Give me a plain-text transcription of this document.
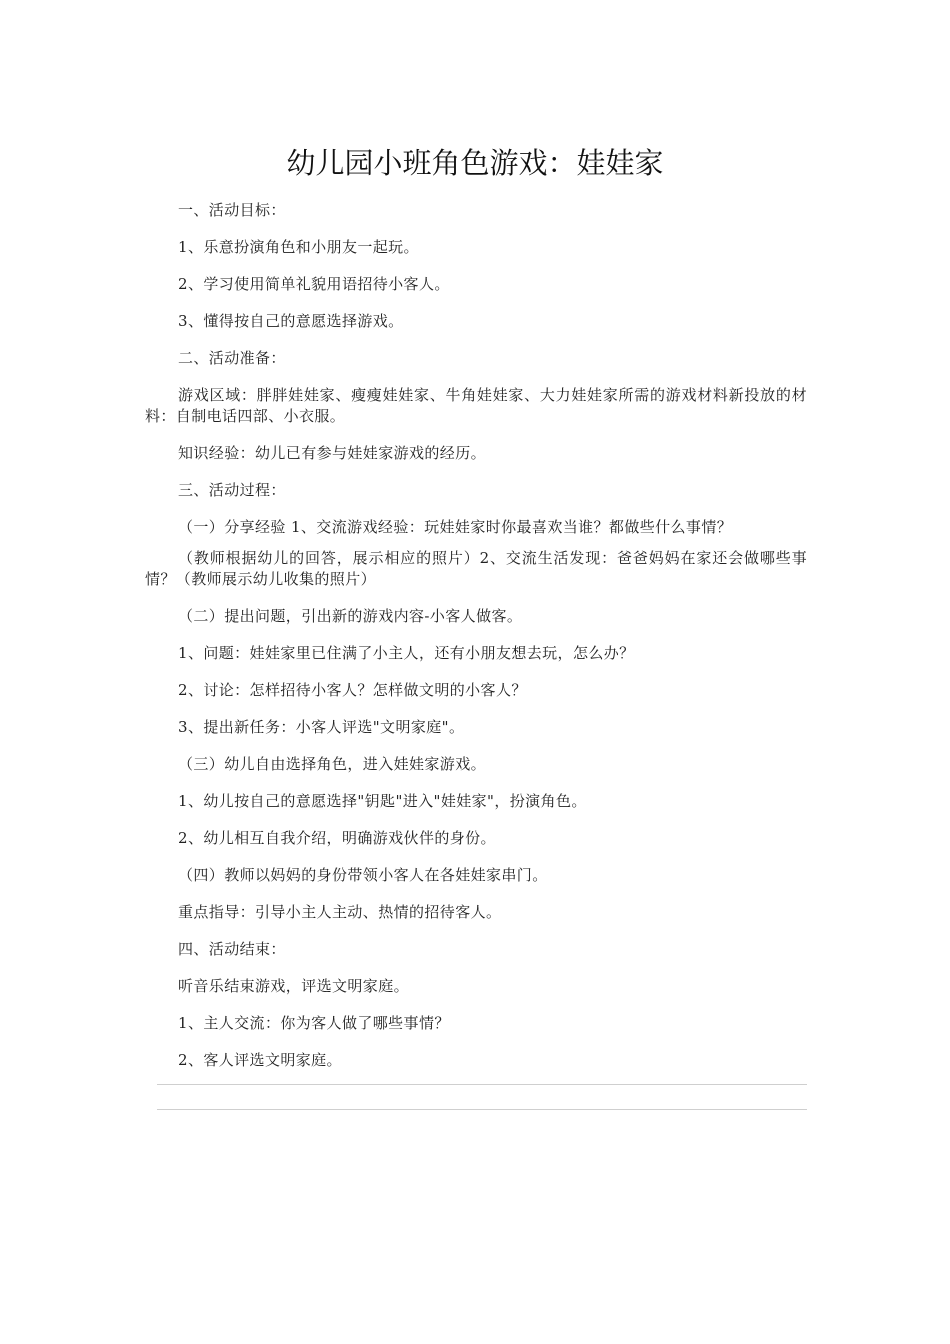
幼儿园小班角色游戏：娃娃家

一、活动目标：

1、乐意扮演角色和小朋友一起玩。

2、学习使用简单礼貌用语招待小客人。

3、懂得按自己的意愿选择游戏。

二、活动准备：

游戏区域：胖胖娃娃家、瘦瘦娃娃家、牛角娃娃家、大力娃娃家所需的游戏材料新投放的材料：自制电话四部、小衣服。

知识经验：幼儿已有参与娃娃家游戏的经历。

三、活动过程：

（一）分享经验 1、交流游戏经验：玩娃娃家时你最喜欢当谁？都做些什么事情？

（教师根据幼儿的回答，展示相应的照片）2、交流生活发现：爸爸妈妈在家还会做哪些事情？（教师展示幼儿收集的照片）

（二）提出问题，引出新的游戏内容-小客人做客。

1、问题：娃娃家里已住满了小主人，还有小朋友想去玩，怎么办？

2、讨论：怎样招待小客人？怎样做文明的小客人？

3、提出新任务：小客人评选"文明家庭"。

（三）幼儿自由选择角色，进入娃娃家游戏。

1、幼儿按自己的意愿选择"钥匙"进入"娃娃家"，扮演角色。

2、幼儿相互自我介绍，明确游戏伙伴的身份。

（四）教师以妈妈的身份带领小客人在各娃娃家串门。

重点指导：引导小主人主动、热情的招待客人。

四、活动结束：

听音乐结束游戏，评选文明家庭。

1、主人交流：你为客人做了哪些事情？

2、客人评选文明家庭。
